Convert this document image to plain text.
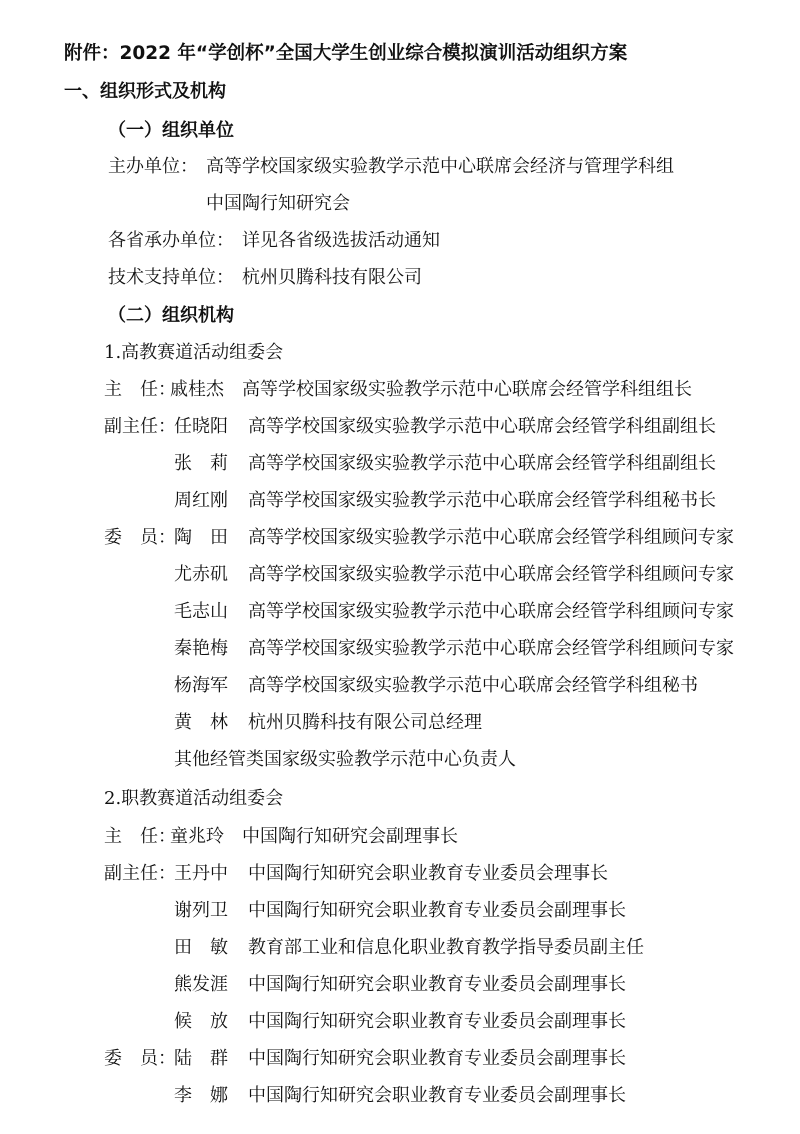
附件：2022 年“学创杯”全国大学生创业综合模拟演训活动组织方案
一、组织形式及机构
（一）组织单位
主办单位： 高等学校国家级实验教学示范中心联席会经济与管理学科组
中国陶行知研究会
各省承办单位： 详见各省级选拔活动通知
技术支持单位： 杭州贝腾科技有限公司
（二）组织机构
1.高教赛道活动组委会
主　任：
戚桂杰 高等学校国家级实验教学示范中心联席会经管学科组组长
副主任：
任晓阳 高等学校国家级实验教学示范中心联席会经管学科组副组长
张　莉 高等学校国家级实验教学示范中心联席会经管学科组副组长
周红刚 高等学校国家级实验教学示范中心联席会经管学科组秘书长
委　员：
陶　田 高等学校国家级实验教学示范中心联席会经管学科组顾问专家
尤赤矶 高等学校国家级实验教学示范中心联席会经管学科组顾问专家
毛志山 高等学校国家级实验教学示范中心联席会经管学科组顾问专家
秦艳梅 高等学校国家级实验教学示范中心联席会经管学科组顾问专家
杨海军 高等学校国家级实验教学示范中心联席会经管学科组秘书
黄　林 杭州贝腾科技有限公司总经理
其他经管类国家级实验教学示范中心负责人
2.职教赛道活动组委会
主　任：
童兆玲 中国陶行知研究会副理事长
副主任：
王丹中 中国陶行知研究会职业教育专业委员会理事长
谢列卫 中国陶行知研究会职业教育专业委员会副理事长
田　敏 教育部工业和信息化职业教育教学指导委员副主任
熊发涯 中国陶行知研究会职业教育专业委员会副理事长
候　放 中国陶行知研究会职业教育专业委员会副理事长
委　员：
陆　群 中国陶行知研究会职业教育专业委员会副理事长
李　娜 中国陶行知研究会职业教育专业委员会副理事长
